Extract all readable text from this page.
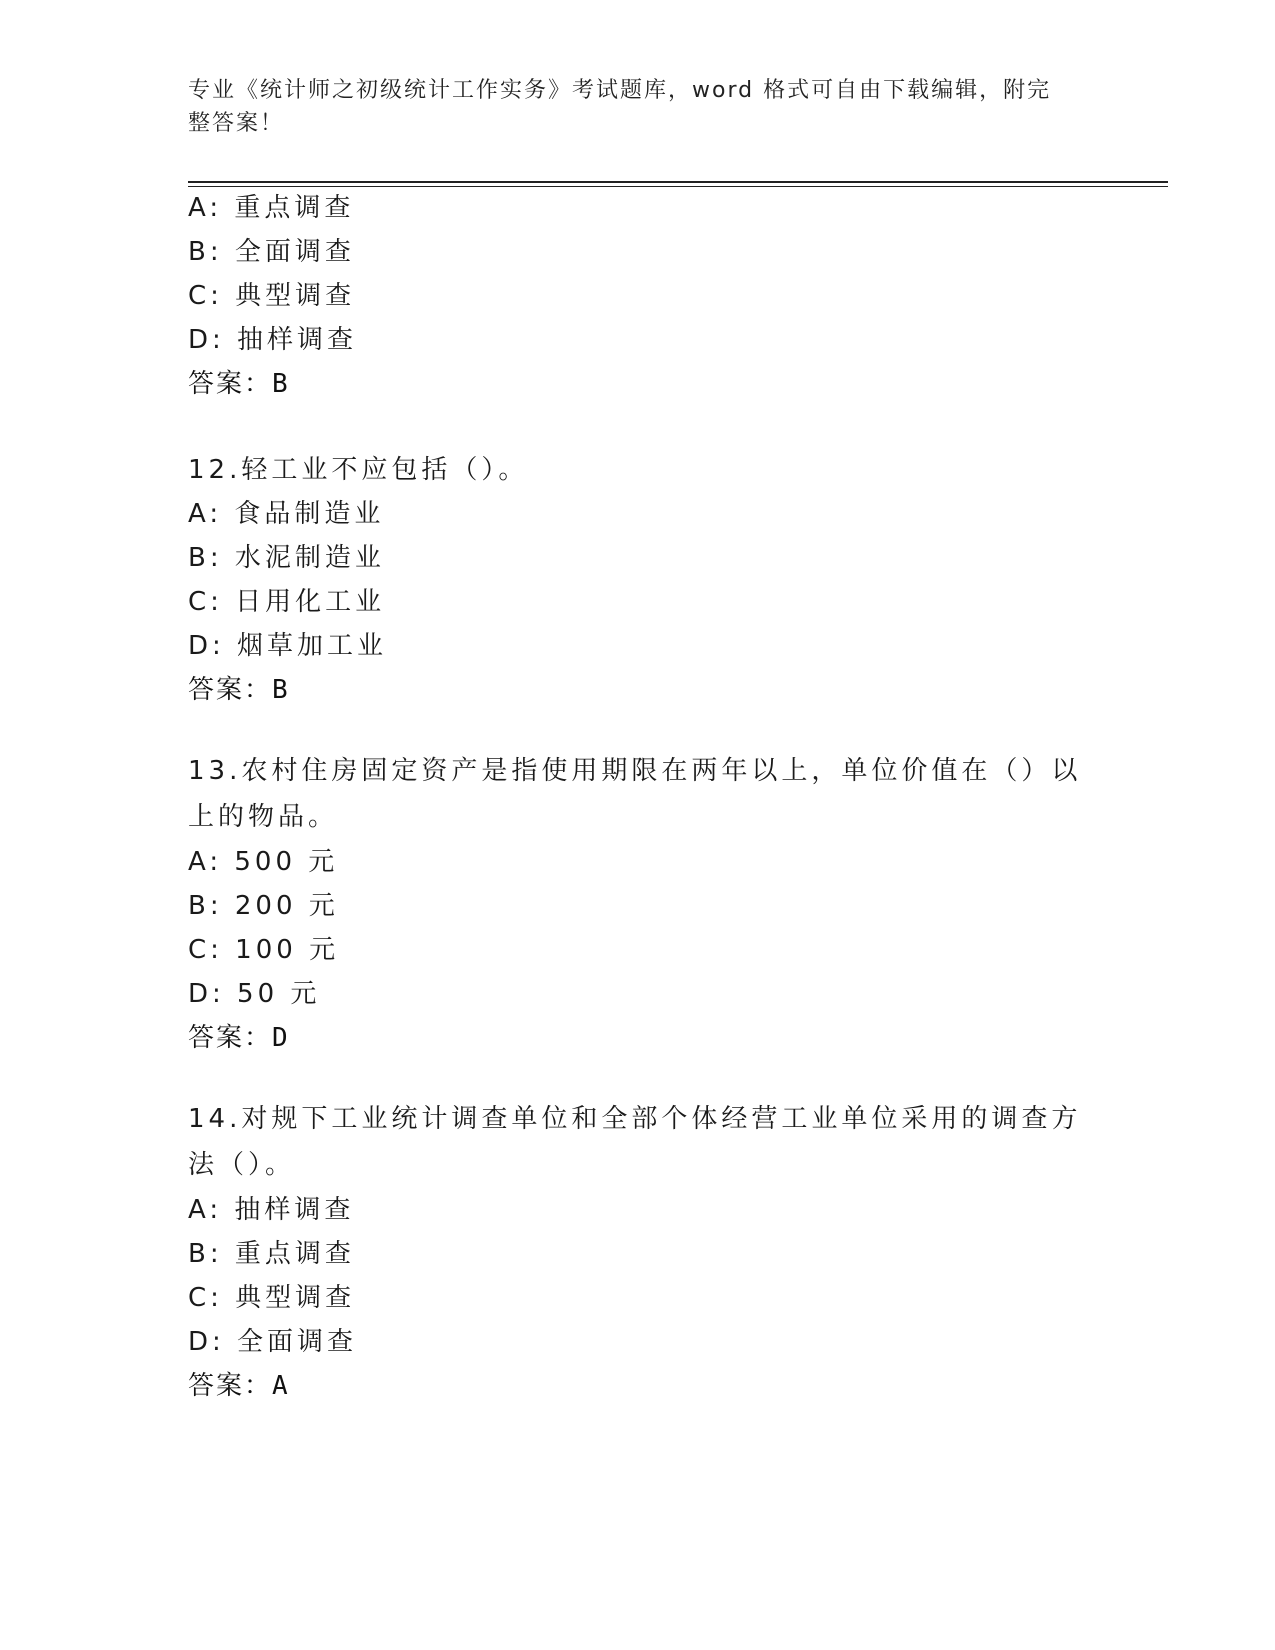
专业《统计师之初级统计工作实务》考试题库，word 格式可自由下载编辑，附完整答案！
A: 重点调查
B: 全面调查
C: 典型调查
D: 抽样调查
答案：B
12.轻工业不应包括（）。
A: 食品制造业
B: 水泥制造业
C: 日用化工业
D: 烟草加工业
答案：B
13.农村住房固定资产是指使用期限在两年以上，单位价值在（）以上的物品。
A: 500 元
B: 200 元
C: 100 元
D: 50 元
答案：D
14.对规下工业统计调查单位和全部个体经营工业单位采用的调查方法（）。
A: 抽样调查
B: 重点调查
C: 典型调查
D: 全面调查
答案：A
